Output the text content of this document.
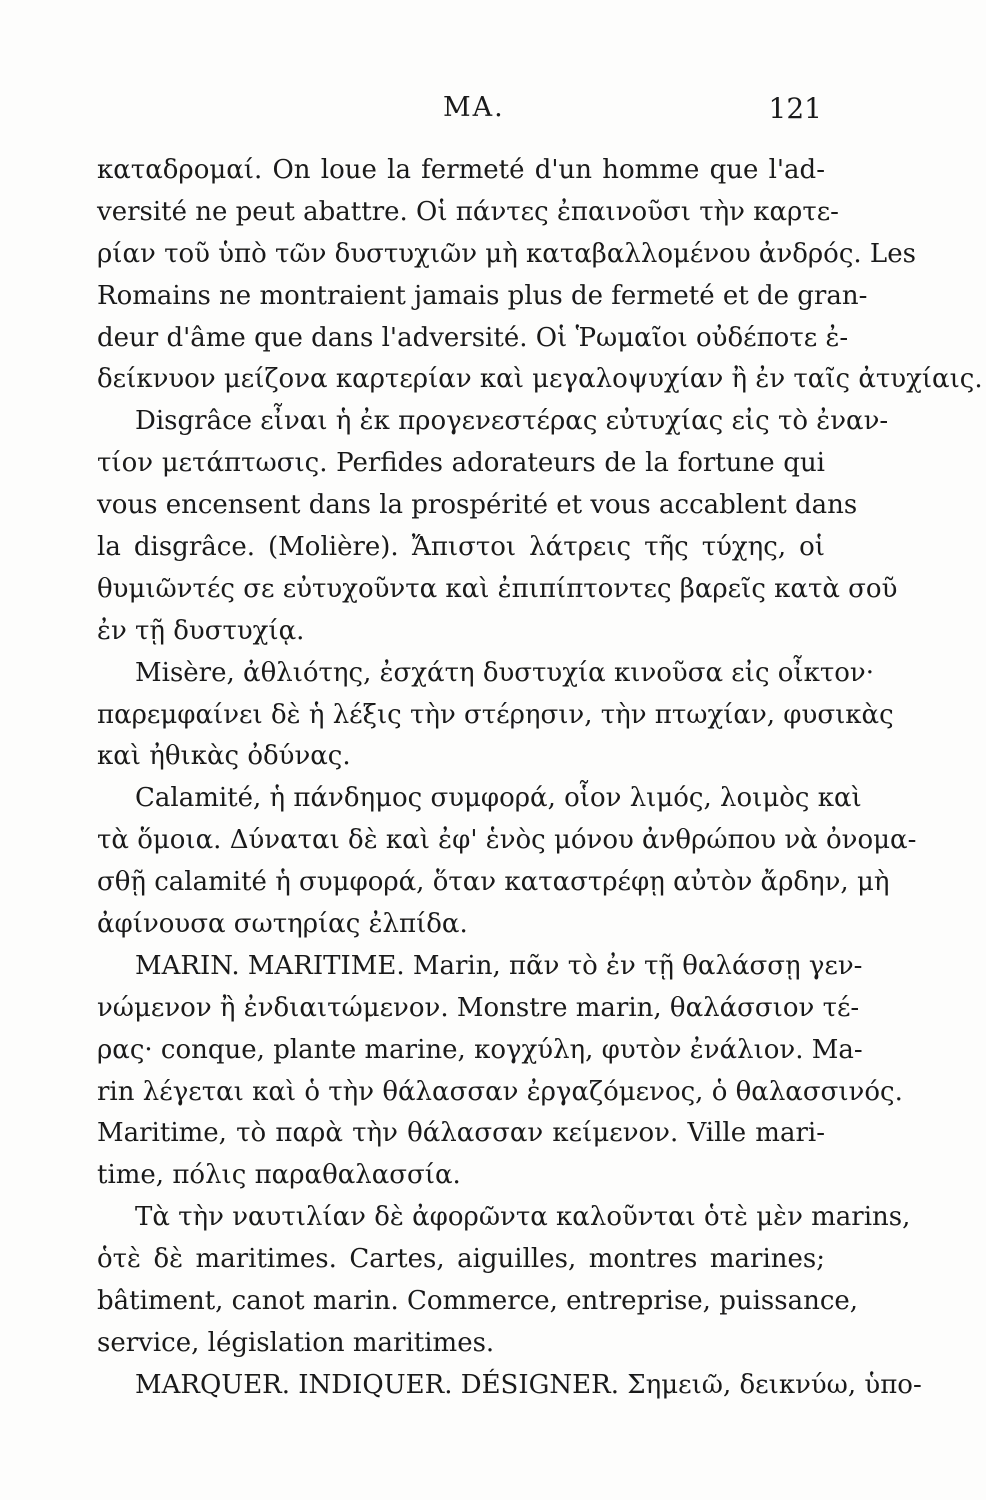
MA.	121
καταδρομαί. On loue la fermeté d'un homme que l'ad-
versité ne peut abattre. Οἱ πάντες ἐπαινοῦσι τὴν καρτε-
ρίαν τοῦ ὑπὸ τῶν δυστυχιῶν μὴ καταβαλλομένου ἀνδρός. Les
Romains ne montraient jamais plus de fermeté et de gran-
deur d'âme que dans l'adversité. Οἱ Ῥωμαῖοι οὐδέποτε ἐ-
δείκνυον μείζονα καρτερίαν καὶ μεγαλοψυχίαν ἢ ἐν ταῖς ἀτυχίαις.
Disgrâce εἶναι ἡ ἐκ προγενεστέρας εὐτυχίας εἰς τὸ ἐναν-
τίον μετάπτωσις. Perfides adorateurs de la fortune qui
vous encensent dans la prospérité et vous accablent dans
la disgrâce. (Molière). Ἄπιστοι λάτρεις τῆς τύχης, οἱ
θυμιῶντές σε εὐτυχοῦντα καὶ ἐπιπίπτοντες βαρεῖς κατὰ σοῦ
ἐν τῇ δυστυχίᾳ.
Misère, ἀθλιότης, ἐσχάτη δυστυχία κινοῦσα εἰς οἶκτον·
παρεμφαίνει δὲ ἡ λέξις τὴν στέρησιν, τὴν πτωχίαν, φυσικὰς
καὶ ἠθικὰς ὀδύνας.
Calamité, ἡ πάνδημος συμφορά, οἷον λιμός, λοιμὸς καὶ
τὰ ὅμοια. Δύναται δὲ καὶ ἐφ' ἑνὸς μόνου ἀνθρώπου νὰ ὀνομα-
σθῇ calamité ἡ συμφορά, ὅταν καταστρέφῃ αὐτὸν ἄρδην, μὴ
ἀφίνουσα σωτηρίας ἐλπίδα.
MARIN. MARITIME. Marin, πᾶν τὸ ἐν τῇ θαλάσσῃ γεν-
νώμενον ἢ ἐνδιαιτώμενον. Monstre marin, θαλάσσιον τέ-
ρας· conque, plante marine, κογχύλη, φυτὸν ἐνάλιον. Ma-
rin λέγεται καὶ ὁ τὴν θάλασσαν ἐργαζόμενος, ὁ θαλασσινός.
Maritime, τὸ παρὰ τὴν θάλασσαν κείμενον. Ville mari-
time, πόλις παραθαλασσία.
Τὰ τὴν ναυτιλίαν δὲ ἀφορῶντα καλοῦνται ὁτὲ μὲν marins,
ὁτὲ δὲ maritimes. Cartes, aiguilles, montres marines;
bâtiment, canot marin. Commerce, entreprise, puissance,
service, législation maritimes.
MARQUER. INDIQUER. DÉSIGNER. Σημειῶ, δεικνύω, ὑπο-
